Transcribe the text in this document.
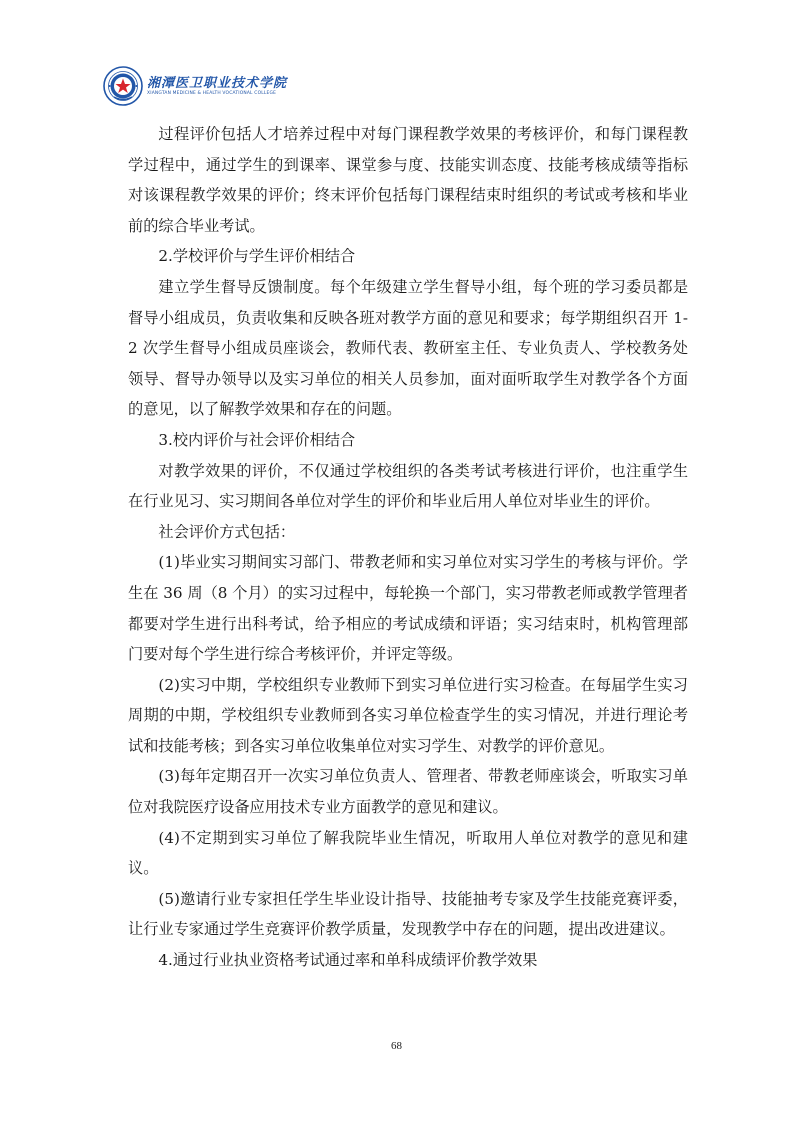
湘潭医卫职业技术学院
XIANGTAN MEDICINE & HEALTH VOCATIONAL COLLEGE

过程评价包括人才培养过程中对每门课程教学效果的考核评价，和每门课程教学过程中，通过学生的到课率、课堂参与度、技能实训态度、技能考核成绩等指标对该课程教学效果的评价；终末评价包括每门课程结束时组织的考试或考核和毕业前的综合毕业考试。

2.学校评价与学生评价相结合

建立学生督导反馈制度。每个年级建立学生督导小组，每个班的学习委员都是督导小组成员，负责收集和反映各班对教学方面的意见和要求；每学期组织召开 1-2 次学生督导小组成员座谈会，教师代表、教研室主任、专业负责人、学校教务处领导、督导办领导以及实习单位的相关人员参加，面对面听取学生对教学各个方面的意见，以了解教学效果和存在的问题。

3.校内评价与社会评价相结合

对教学效果的评价，不仅通过学校组织的各类考试考核进行评价，也注重学生在行业见习、实习期间各单位对学生的评价和毕业后用人单位对毕业生的评价。

社会评价方式包括：

(1)毕业实习期间实习部门、带教老师和实习单位对实习学生的考核与评价。学生在 36 周（8 个月）的实习过程中，每轮换一个部门，实习带教老师或教学管理者都要对学生进行出科考试，给予相应的考试成绩和评语；实习结束时，机构管理部门要对每个学生进行综合考核评价，并评定等级。

(2)实习中期，学校组织专业教师下到实习单位进行实习检查。在每届学生实习周期的中期，学校组织专业教师到各实习单位检查学生的实习情况，并进行理论考试和技能考核；到各实习单位收集单位对实习学生、对教学的评价意见。

(3)每年定期召开一次实习单位负责人、管理者、带教老师座谈会，听取实习单位对我院医疗设备应用技术专业方面教学的意见和建议。

(4)不定期到实习单位了解我院毕业生情况，听取用人单位对教学的意见和建议。

(5)邀请行业专家担任学生毕业设计指导、技能抽考专家及学生技能竞赛评委，让行业专家通过学生竞赛评价教学质量，发现教学中存在的问题，提出改进建议。

4.通过行业执业资格考试通过率和单科成绩评价教学效果

68
